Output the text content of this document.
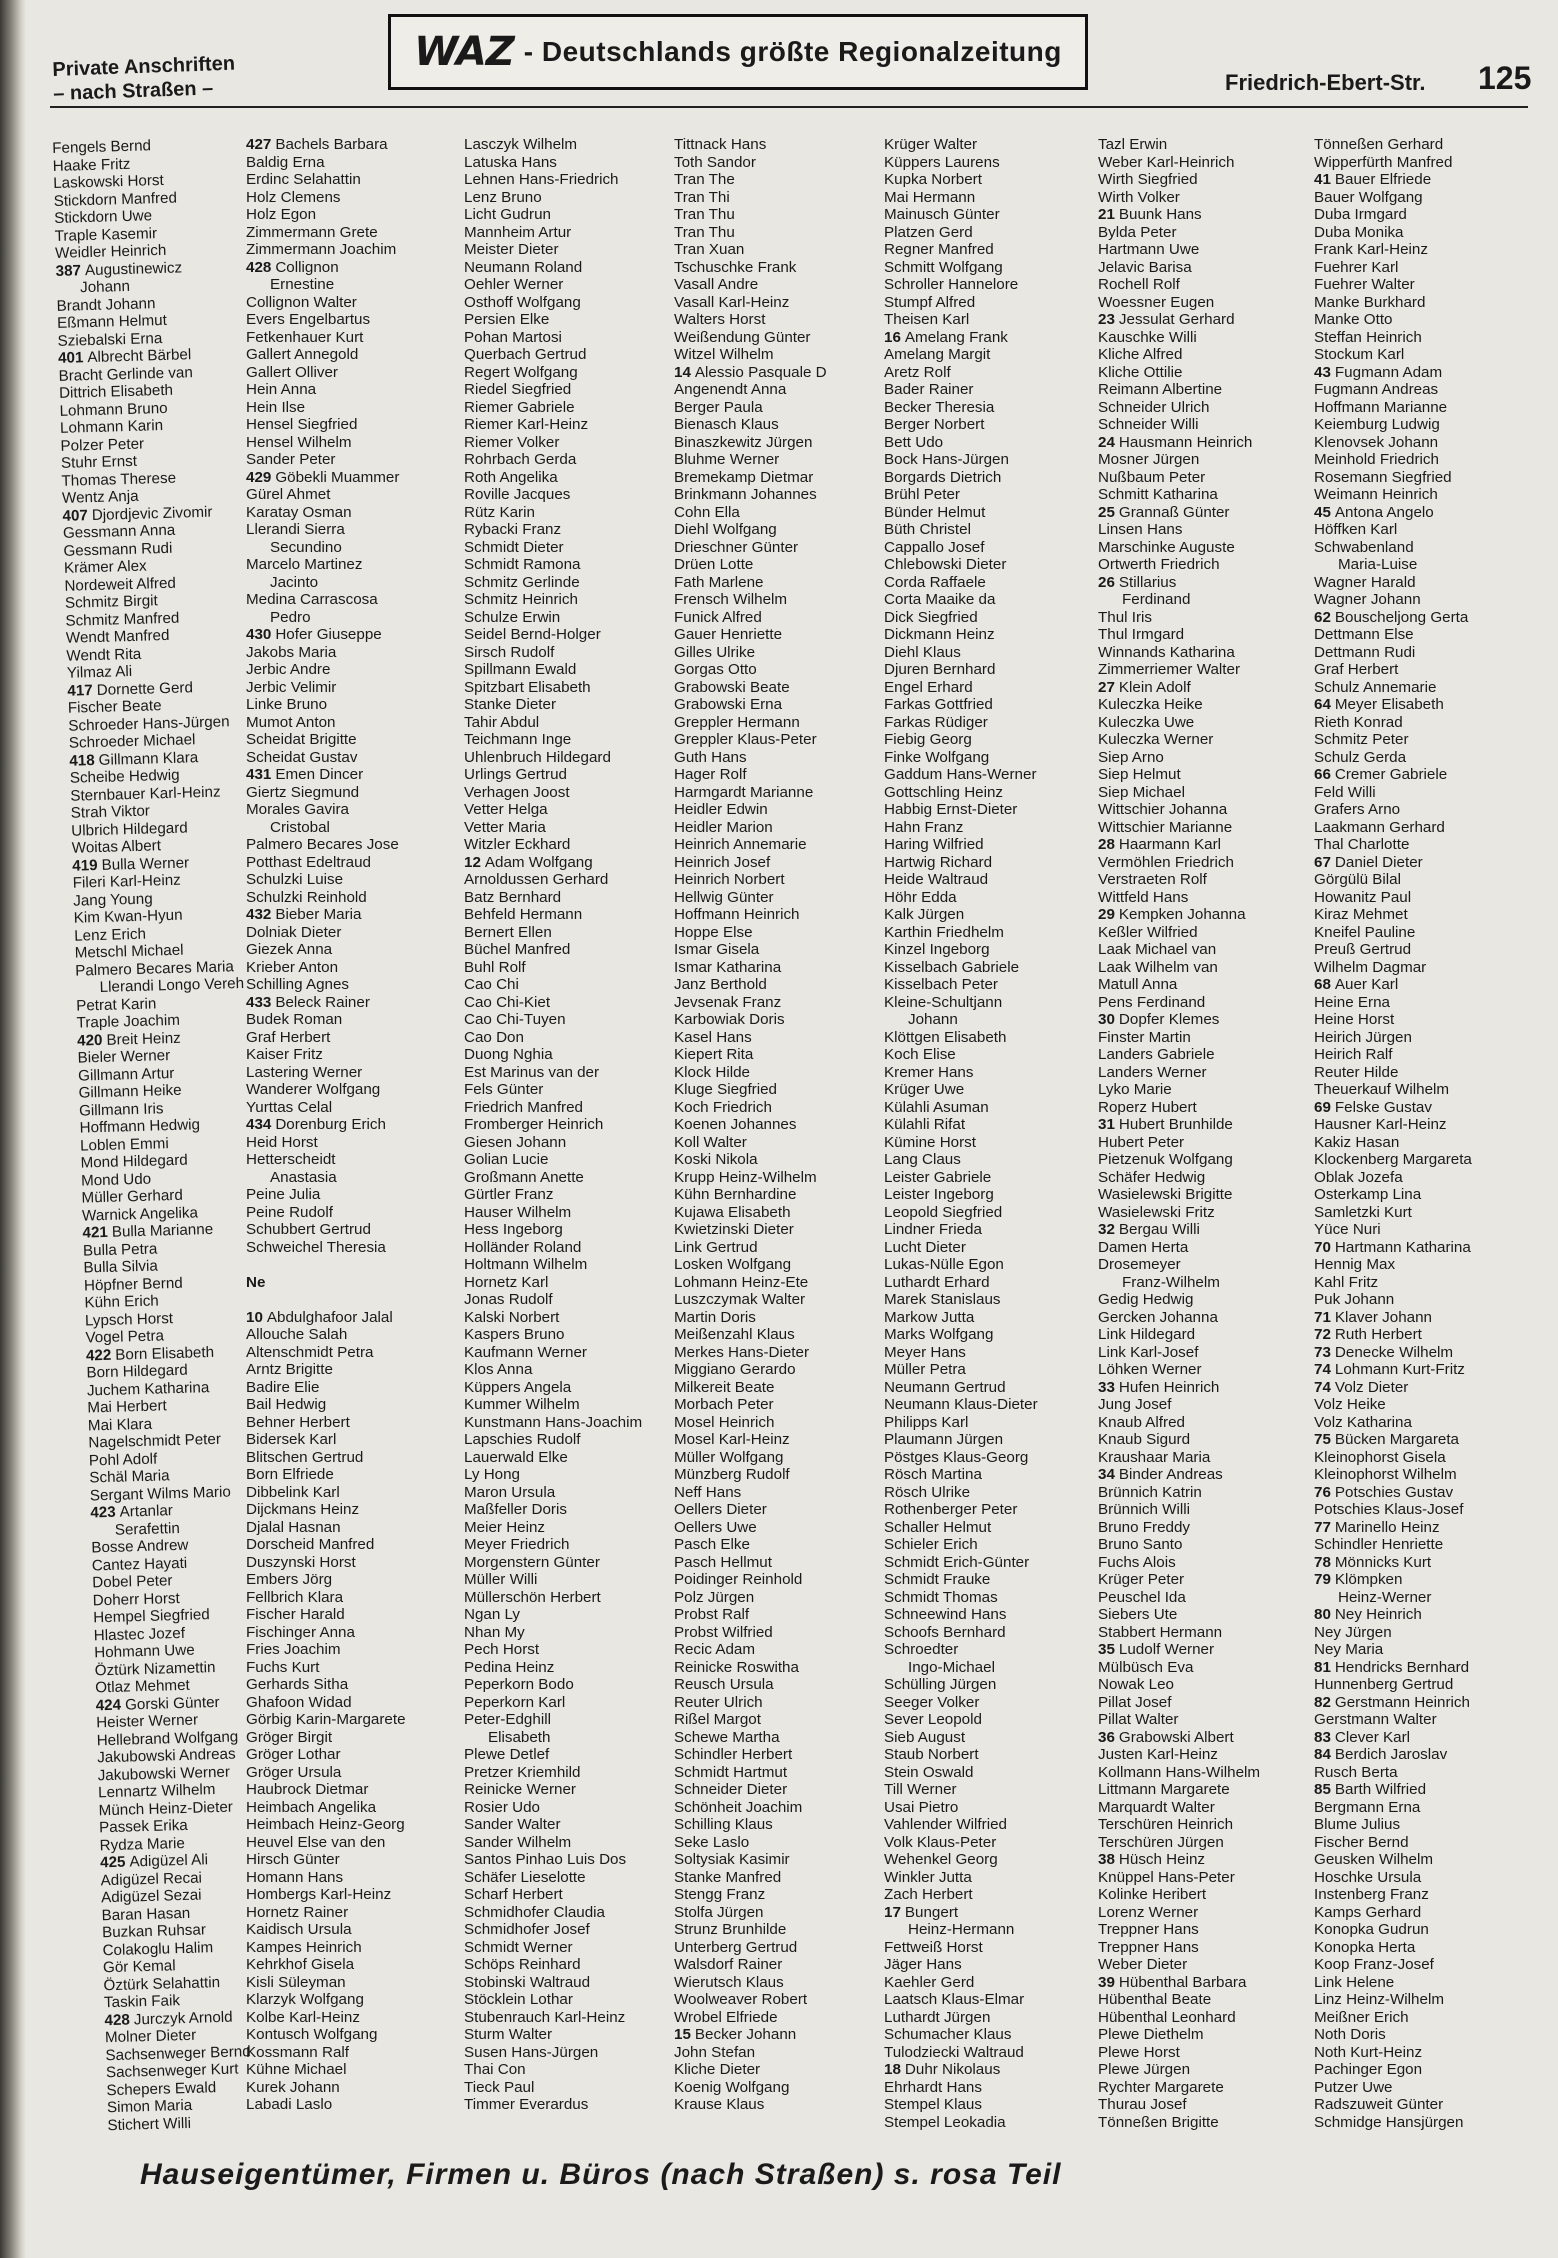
Private Anschriften
– nach Straßen –
WAZ - Deutschlands größte Regionalzeitung
Friedrich-Ebert-Str. 125
Fengels Bernd
Haake Fritz
Laskowski Horst
Stickdorn Manfred
Stickdorn Uwe
Traple Kasemir
Weidler Heinrich
387 Augustinewicz
Johann
Brandt Johann
Eßmann Helmut
Sziebalski Erna
401 Albrecht Bärbel
Bracht Gerlinde van
Dittrich Elisabeth
Lohmann Bruno
Lohmann Karin
Polzer Peter
Stuhr Ernst
Thomas Therese
Wentz Anja
407 Djordjevic Zivomir
Gessmann Anna
Gessmann Rudi
Krämer Alex
Nordeweit Alfred
Schmitz Birgit
Schmitz Manfred
Wendt Manfred
Wendt Rita
Yilmaz Ali
417 Dornette Gerd
Fischer Beate
Schroeder Hans-Jürgen
Schroeder Michael
418 Gillmann Klara
Scheibe Hedwig
Sternbauer Karl-Heinz
Strah Viktor
Ulbrich Hildegard
Woitas Albert
419 Bulla Werner
Fileri Karl-Heinz
Jang Young
Kim Kwan-Hyun
Lenz Erich
Metschl Michael
Palmero Becares Maria
Llerandi Longo Vereh
Petrat Karin
Traple Joachim
420 Breit Heinz
Bieler Werner
Gillmann Artur
Gillmann Heike
Gillmann Iris
Hoffmann Hedwig
Loblen Emmi
Mond Hildegard
Mond Udo
Müller Gerhard
Warnick Angelika
421 Bulla Marianne
Bulla Petra
Bulla Silvia
Höpfner Bernd
Kühn Erich
Lypsch Horst
Vogel Petra
422 Born Elisabeth
Born Hildegard
Juchem Katharina
Mai Herbert
Mai Klara
Nagelschmidt Peter
Pohl Adolf
Schäl Maria
Sergant Wilms Mario
423 Artanlar
Serafettin
Bosse Andrew
Cantez Hayati
Dobel Peter
Doherr Horst
Hempel Siegfried
Hlastec Jozef
Hohmann Uwe
Öztürk Nizamettin
Otlaz Mehmet
424 Gorski Günter
Heister Werner
Hellebrand Wolfgang
Jakubowski Andreas
Jakubowski Werner
Lennartz Wilhelm
Münch Heinz-Dieter
Passek Erika
Rydza Marie
425 Adigüzel Ali
Adigüzel Recai
Adigüzel Sezai
Baran Hasan
Buzkan Ruhsar
Colakoglu Halim
Gör Kemal
Öztürk Selahattin
Taskin Faik
428 Jurczyk Arnold
Molner Dieter
Sachsenweger Bernd
Sachsenweger Kurt
Schepers Ewald
Simon Maria
Stichert Willi
427 Bachels Barbara
Baldig Erna
Erdinc Selahattin
Holz Clemens
Holz Egon
Zimmermann Grete
Zimmermann Joachim
428 Collignon
Ernestine
Collignon Walter
Evers Engelbartus
Fetkenhauer Kurt
Gallert Annegold
Gallert Olliver
Hein Anna
Hein Ilse
Hensel Siegfried
Hensel Wilhelm
Sander Peter
429 Göbekli Muammer
Gürel Ahmet
Karatay Osman
Llerandi Sierra
Secundino
Marcelo Martinez
Jacinto
Medina Carrascosa
Pedro
430 Hofer Giuseppe
Jakobs Maria
Jerbic Andre
Jerbic Velimir
Linke Bruno
Mumot Anton
Scheidat Brigitte
Scheidat Gustav
431 Emen Dincer
Giertz Siegmund
Morales Gavira
Cristobal
Palmero Becares Jose
Potthast Edeltraud
Schulzki Luise
Schulzki Reinhold
432 Bieber Maria
Dolniak Dieter
Giezek Anna
Krieber Anton
Schilling Agnes
433 Beleck Rainer
Budek Roman
Graf Herbert
Kaiser Fritz
Lastering Werner
Wanderer Wolfgang
Yurttas Celal
434 Dorenburg Erich
Heid Horst
Hetterscheidt
Anastasia
Peine Julia
Peine Rudolf
Schubbert Gertrud
Schweichel Theresia
Ne
10 Abdulghafoor Jalal
Allouche Salah
Altenschmidt Petra
Arntz Brigitte
Badire Elie
Bail Hedwig
Behner Herbert
Bidersek Karl
Blitschen Gertrud
Born Elfriede
Dibbelink Karl
Dijckmans Heinz
Djalal Hasnan
Dorscheid Manfred
Duszynski Horst
Embers Jörg
Fellbrich Klara
Fischer Harald
Fischinger Anna
Fries Joachim
Fuchs Kurt
Gerhards Sitha
Ghafoon Widad
Görbig Karin-Margarete
Gröger Birgit
Gröger Lothar
Gröger Ursula
Haubrock Dietmar
Heimbach Angelika
Heimbach Heinz-Georg
Heuvel Else van den
Hirsch Günter
Homann Hans
Hombergs Karl-Heinz
Hornetz Rainer
Kaidisch Ursula
Kampes Heinrich
Kehrkhof Gisela
Kisli Süleyman
Klarzyk Wolfgang
Kolbe Karl-Heinz
Kontusch Wolfgang
Kossmann Ralf
Kühne Michael
Kurek Johann
Labadi Laslo
Lasczyk Wilhelm
Latuska Hans
Lehnen Hans-Friedrich
Lenz Bruno
Licht Gudrun
Mannheim Artur
Meister Dieter
Neumann Roland
Oehler Werner
Osthoff Wolfgang
Persien Elke
Pohan Martosi
Querbach Gertrud
Regert Wolfgang
Riedel Siegfried
Riemer Gabriele
Riemer Karl-Heinz
Riemer Volker
Rohrbach Gerda
Roth Angelika
Roville Jacques
Rütz Karin
Rybacki Franz
Schmidt Dieter
Schmidt Ramona
Schmitz Gerlinde
Schmitz Heinrich
Schulze Erwin
Seidel Bernd-Holger
Sirsch Rudolf
Spillmann Ewald
Spitzbart Elisabeth
Stanke Dieter
Tahir Abdul
Teichmann Inge
Uhlenbruch Hildegard
Urlings Gertrud
Verhagen Joost
Vetter Helga
Vetter Maria
Witzler Eckhard
12 Adam Wolfgang
Arnoldussen Gerhard
Batz Bernhard
Behfeld Hermann
Bernert Ellen
Büchel Manfred
Buhl Rolf
Cao Chi
Cao Chi-Kiet
Cao Chi-Tuyen
Cao Don
Duong Nghia
Est Marinus van der
Fels Günter
Friedrich Manfred
Fromberger Heinrich
Giesen Johann
Golian Lucie
Großmann Anette
Gürtler Franz
Hauser Wilhelm
Hess Ingeborg
Holländer Roland
Holtmann Wilhelm
Hornetz Karl
Jonas Rudolf
Kalski Norbert
Kaspers Bruno
Kaufmann Werner
Klos Anna
Küppers Angela
Kummer Wilhelm
Kunstmann Hans-Joachim
Lapschies Rudolf
Lauerwald Elke
Ly Hong
Maron Ursula
Maßfeller Doris
Meier Heinz
Meyer Friedrich
Morgenstern Günter
Müller Willi
Müllerschön Herbert
Ngan Ly
Nhan My
Pech Horst
Pedina Heinz
Peperkorn Bodo
Peperkorn Karl
Peter-Edghill
Elisabeth
Plewe Detlef
Pretzer Kriemhild
Reinicke Werner
Rosier Udo
Sander Walter
Sander Wilhelm
Santos Pinhao Luis Dos
Schäfer Lieselotte
Scharf Herbert
Schmidhofer Claudia
Schmidhofer Josef
Schmidt Werner
Schöps Reinhard
Stobinski Waltraud
Stöcklein Lothar
Stubenrauch Karl-Heinz
Sturm Walter
Susen Hans-Jürgen
Thai Con
Tieck Paul
Timmer Everardus
Tittnack Hans
Toth Sandor
Tran The
Tran Thi
Tran Thu
Tran Thu
Tran Xuan
Tschuschke Frank
Vasall Andre
Vasall Karl-Heinz
Walters Horst
Weißendung Günter
Witzel Wilhelm
14 Alessio Pasquale D
Angenendt Anna
Berger Paula
Bienasch Klaus
Binaszkewitz Jürgen
Bluhme Werner
Bremekamp Dietmar
Brinkmann Johannes
Cohn Ella
Diehl Wolfgang
Drieschner Günter
Drüen Lotte
Fath Marlene
Frensch Wilhelm
Funick Alfred
Gauer Henriette
Gilles Ulrike
Gorgas Otto
Grabowski Beate
Grabowski Erna
Greppler Hermann
Greppler Klaus-Peter
Guth Hans
Hager Rolf
Harmgardt Marianne
Heidler Edwin
Heidler Marion
Heinrich Annemarie
Heinrich Josef
Heinrich Norbert
Hellwig Günter
Hoffmann Heinrich
Hoppe Else
Ismar Gisela
Ismar Katharina
Janz Berthold
Jevsenak Franz
Karbowiak Doris
Kasel Hans
Kiepert Rita
Klock Hilde
Kluge Siegfried
Koch Friedrich
Koenen Johannes
Koll Walter
Koski Nikola
Krupp Heinz-Wilhelm
Kühn Bernhardine
Kujawa Elisabeth
Kwietzinski Dieter
Link Gertrud
Losken Wolfgang
Lohmann Heinz-Ete
Luszczymak Walter
Martin Doris
Meißenzahl Klaus
Merkes Hans-Dieter
Miggiano Gerardo
Milkereit Beate
Morbach Peter
Mosel Heinrich
Mosel Karl-Heinz
Müller Wolfgang
Münzberg Rudolf
Neff Hans
Oellers Dieter
Oellers Uwe
Pasch Elke
Pasch Hellmut
Poidinger Reinhold
Polz Jürgen
Probst Ralf
Probst Wilfried
Recic Adam
Reinicke Roswitha
Reusch Ursula
Reuter Ulrich
Rißel Margot
Schewe Martha
Schindler Herbert
Schmidt Hartmut
Schneider Dieter
Schönheit Joachim
Schilling Klaus
Seke Laslo
Soltysiak Kasimir
Stanke Manfred
Stengg Franz
Stolfa Jürgen
Strunz Brunhilde
Unterberg Gertrud
Walsdorf Rainer
Wierutsch Klaus
Woolweaver Robert
Wrobel Elfriede
15 Becker Johann
John Stefan
Kliche Dieter
Koenig Wolfgang
Krause Klaus
Krüger Walter
Küppers Laurens
Kupka Norbert
Mai Hermann
Mainusch Günter
Platzen Gerd
Regner Manfred
Schmitt Wolfgang
Schroller Hannelore
Stumpf Alfred
Theisen Karl
16 Amelang Frank
Amelang Margit
Aretz Rolf
Bader Rainer
Becker Theresia
Berger Norbert
Bett Udo
Bock Hans-Jürgen
Borgards Dietrich
Brühl Peter
Bünder Helmut
Büth Christel
Cappallo Josef
Chlebowski Dieter
Corda Raffaele
Corta Maaike da
Dick Siegfried
Dickmann Heinz
Diehl Klaus
Djuren Bernhard
Engel Erhard
Farkas Gottfried
Farkas Rüdiger
Fiebig Georg
Finke Wolfgang
Gaddum Hans-Werner
Gottschling Heinz
Habbig Ernst-Dieter
Hahn Franz
Haring Wilfried
Hartwig Richard
Heide Waltraud
Höhr Edda
Kalk Jürgen
Karthin Friedhelm
Kinzel Ingeborg
Kisselbach Gabriele
Kisselbach Peter
Kleine-Schultjann
Johann
Klöttgen Elisabeth
Koch Elise
Kremer Hans
Krüger Uwe
Külahli Asuman
Külahli Rifat
Kümine Horst
Lang Claus
Leister Gabriele
Leister Ingeborg
Leopold Siegfried
Lindner Frieda
Lucht Dieter
Lukas-Nülle Egon
Luthardt Erhard
Marek Stanislaus
Markow Jutta
Marks Wolfgang
Meyer Hans
Müller Petra
Neumann Gertrud
Neumann Klaus-Dieter
Philipps Karl
Plaumann Jürgen
Pöstges Klaus-Georg
Rösch Martina
Rösch Ulrike
Rothenberger Peter
Schaller Helmut
Schieler Erich
Schmidt Erich-Günter
Schmidt Frauke
Schmidt Thomas
Schneewind Hans
Schoofs Bernhard
Schroedter
Ingo-Michael
Schülling Jürgen
Seeger Volker
Sever Leopold
Sieb August
Staub Norbert
Stein Oswald
Till Werner
Usai Pietro
Vahlender Wilfried
Volk Klaus-Peter
Wehenkel Georg
Winkler Jutta
Zach Herbert
17 Bungert
Heinz-Hermann
Fettweiß Horst
Jäger Hans
Kaehler Gerd
Laatsch Klaus-Elmar
Luthardt Jürgen
Schumacher Klaus
Tulodziecki Waltraud
18 Duhr Nikolaus
Ehrhardt Hans
Stempel Klaus
Stempel Leokadia
Tazl Erwin
Weber Karl-Heinrich
Wirth Siegfried
Wirth Volker
21 Buunk Hans
Bylda Peter
Hartmann Uwe
Jelavic Barisa
Rochell Rolf
Woessner Eugen
23 Jessulat Gerhard
Kauschke Willi
Kliche Alfred
Kliche Ottilie
Reimann Albertine
Schneider Ulrich
Schneider Willi
24 Hausmann Heinrich
Mosner Jürgen
Nußbaum Peter
Schmitt Katharina
25 Grannaß Günter
Linsen Hans
Marschinke Auguste
Ortwerth Friedrich
26 Stillarius
Ferdinand
Thul Iris
Thul Irmgard
Winnands Katharina
Zimmerriemer Walter
27 Klein Adolf
Kuleczka Heike
Kuleczka Uwe
Kuleczka Werner
Siep Arno
Siep Helmut
Siep Michael
Wittschier Johanna
Wittschier Marianne
28 Haarmann Karl
Vermöhlen Friedrich
Verstraeten Rolf
Wittfeld Hans
29 Kempken Johanna
Keßler Wilfried
Laak Michael van
Laak Wilhelm van
Matull Anna
Pens Ferdinand
30 Dopfer Klemes
Finster Martin
Landers Gabriele
Landers Werner
Lyko Marie
Roperz Hubert
31 Hubert Brunhilde
Hubert Peter
Pietzenuk Wolfgang
Schäfer Hedwig
Wasielewski Brigitte
Wasielewski Fritz
32 Bergau Willi
Damen Herta
Drosemeyer
Franz-Wilhelm
Gedig Hedwig
Gercken Johanna
Link Hildegard
Link Karl-Josef
Löhken Werner
33 Hufen Heinrich
Jung Josef
Knaub Alfred
Knaub Sigurd
Kraushaar Maria
34 Binder Andreas
Brünnich Katrin
Brünnich Willi
Bruno Freddy
Bruno Santo
Fuchs Alois
Krüger Peter
Peuschel Ida
Siebers Ute
Stabbert Hermann
35 Ludolf Werner
Mülbüsch Eva
Nowak Leo
Pillat Josef
Pillat Walter
36 Grabowski Albert
Justen Karl-Heinz
Kollmann Hans-Wilhelm
Littmann Margarete
Marquardt Walter
Terschüren Heinrich
Terschüren Jürgen
38 Hüsch Heinz
Knüppel Hans-Peter
Kolinke Heribert
Lorenz Werner
Treppner Hans
Treppner Hans
Weber Dieter
39 Hübenthal Barbara
Hübenthal Beate
Hübenthal Leonhard
Plewe Diethelm
Plewe Horst
Plewe Jürgen
Rychter Margarete
Thurau Josef
Tönneßen Brigitte
Tönneßen Gerhard
Wipperfürth Manfred
41 Bauer Elfriede
Bauer Wolfgang
Duba Irmgard
Duba Monika
Frank Karl-Heinz
Fuehrer Karl
Fuehrer Walter
Manke Burkhard
Manke Otto
Steffan Heinrich
Stockum Karl
43 Fugmann Adam
Fugmann Andreas
Hoffmann Marianne
Keiemburg Ludwig
Klenovsek Johann
Meinhold Friedrich
Rosemann Siegfried
Weimann Heinrich
45 Antona Angelo
Höffken Karl
Schwabenland
Maria-Luise
Wagner Harald
Wagner Johann
62 Bouscheljong Gerta
Dettmann Else
Dettmann Rudi
Graf Herbert
Schulz Annemarie
64 Meyer Elisabeth
Rieth Konrad
Schmitz Peter
Schulz Gerda
66 Cremer Gabriele
Feld Willi
Grafers Arno
Laakmann Gerhard
Thal Charlotte
67 Daniel Dieter
Görgülü Bilal
Howanitz Paul
Kiraz Mehmet
Kneifel Pauline
Preuß Gertrud
Wilhelm Dagmar
68 Auer Karl
Heine Erna
Heine Horst
Heirich Jürgen
Heirich Ralf
Reuter Hilde
Theuerkauf Wilhelm
69 Felske Gustav
Hausner Karl-Heinz
Kakiz Hasan
Klockenberg Margareta
Oblak Jozefa
Osterkamp Lina
Samletzki Kurt
Yüce Nuri
70 Hartmann Katharina
Hennig Max
Kahl Fritz
Puk Johann
71 Klaver Johann
72 Ruth Herbert
73 Denecke Wilhelm
74 Lohmann Kurt-Fritz
74 Volz Dieter
Volz Heike
Volz Katharina
75 Bücken Margareta
Kleinophorst Gisela
Kleinophorst Wilhelm
76 Potschies Gustav
Potschies Klaus-Josef
77 Marinello Heinz
Schindler Henriette
78 Mönnicks Kurt
79 Klömpken
Heinz-Werner
80 Ney Heinrich
Ney Jürgen
Ney Maria
81 Hendricks Bernhard
Hunnenberg Gertrud
82 Gerstmann Heinrich
Gerstmann Walter
83 Clever Karl
84 Berdich Jaroslav
Rusch Berta
85 Barth Wilfried
Bergmann Erna
Blume Julius
Fischer Bernd
Geusken Wilhelm
Hoschke Ursula
Instenberg Franz
Kamps Gerhard
Konopka Gudrun
Konopka Herta
Koop Franz-Josef
Link Helene
Linz Heinz-Wilhelm
Meißner Erich
Noth Doris
Noth Kurt-Heinz
Pachinger Egon
Putzer Uwe
Radszuweit Günter
Schmidge Hansjürgen
Hauseigentümer, Firmen u. Büros (nach Straßen) s. rosa Teil
